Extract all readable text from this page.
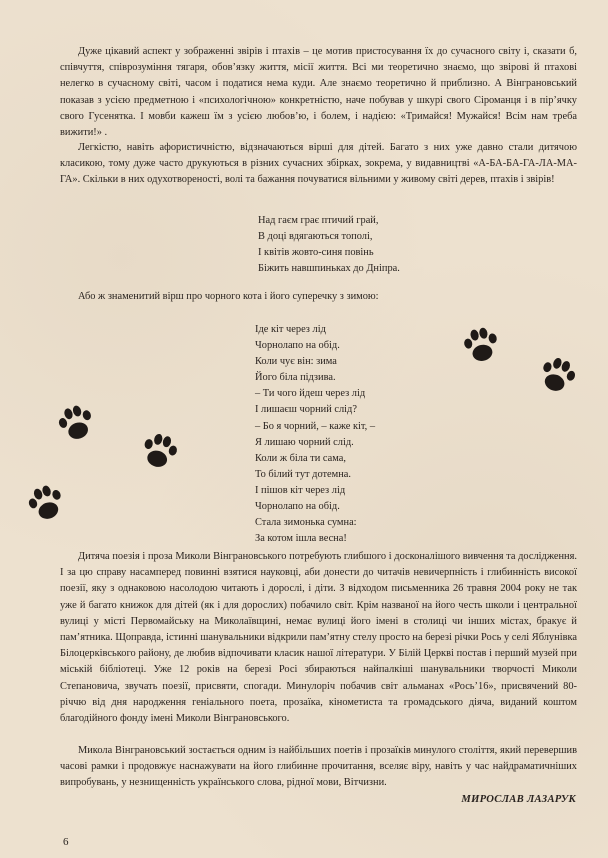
Дуже цікавий аспект у зображенні звірів і птахів – це мотив пристосування їх до сучасного світу і, сказати б, співчуття, співрозуміння тягаря, обов’язку життя, місії життя. Всі ми теоретично знаємо, що звірові й птахові нелегко в сучасному світі, часом і податися нема куди. Але знаємо теоретично й приблизно. А Вінграновський показав з усією предметною і «психологічною» конкретністю, наче побував у шкурі свого Сіроманця і в пір’ячку свого Гусенятка. І мовби кажеш їм з усією любов’ю, і болем, і надією: «Тримайся! Мужайся! Всім нам треба вижити!» .

Легкістю, навіть афористичністю, відзначаються вірші для дітей. Багато з них уже давно стали дитячою класикою, тому дуже часто друкуються в різних сучасних збірках, зокрема, у видавництві «А-БА-БА-ГА-ЛА-МА-ГА». Скільки в них одухотвореності, волі та бажання почуватися вільними у живому світі дерев, птахів і звірів!

Над гаєм грає птичий грай,
В доці вдягаються тополі,
І квітів жовто-синя повінь
Біжить навшпиньках до Дніпра.

Або ж знаменитий вірш про чорного кота і його суперечку з зимою:

Іде кіт через лід
Чорнолапо на обід.
Коли чує він: зима
Його біла підзива.
– Ти чого йдеш через лід
І лишаєш чорний слід?
– Бо я чорний, – каже кіт, –
Я лишаю чорний слід.
Коли ж біла ти сама,
То білий тут дотемна.
І пішов кіт через лід
Чорнолапо на обід.
Стала зимонька сумна:
За котом ішла весна!

Дитяча поезія і проза Миколи Вінграновського потребують глибшого і досконалішого вивчення та дослідження. І за цю справу насамперед повинні взятися науковці, аби донести до читачів невичерпність і глибинність високої поезії, яку з однаковою насолодою читають і дорослі, і діти. З відходом письменника 26 травня 2004 року не так уже й багато книжок для дітей (як і для дорослих) побачило світ. Крім названої на його честь школи і центральної вулиці у місті Первомайську на Миколаївщині, немає вулиці його імені в столиці чи інших містах, бракує й пам’ятника. Щоправда, істинні шанувальники відкрили пам’ятну стелу просто на березі річки Рось у селі Яблунівка Білоцерківського району, де любив відпочивати класик нашої літератури. У Білій Церкві постав і перший музей при міській бібліотеці. Уже 12 років на березі Росі збираються найпалкіші шанувальники творчості Миколи Степановича, звучать поезії, присвяти, спогади. Минулоріч побачив світ альманах «Рось’16», присвячений 80-річчю від дня народження геніального поета, прозаїка, кінометиста та громадського діяча, виданий коштом благодійного фонду імені Миколи Вінграновського.

Микола Вінграновський зостається одним із найбільших поетів і прозаїків минулого століття, який перевершив часові рамки і продовжує наснажувати на його глибинне прочитання, вселяє віру, навіть у час найдраматичніших випробувань, у незнищенність українського слова, рідної мови, Вітчизни.

МИРОСЛАВ ЛАЗАРУК
6
